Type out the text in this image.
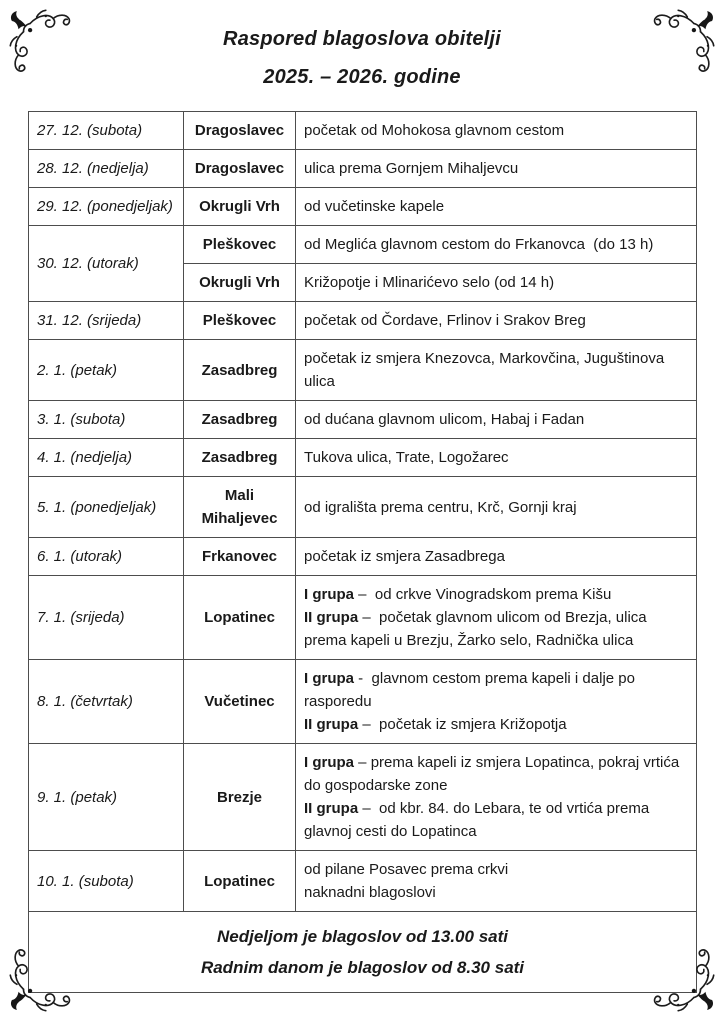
Raspored blagoslova obitelji
2025. – 2026. godine
27. 12. (subota)	Dragoslavec	početak od Mohokosa glavnom cestom

28. 12. (nedjelja)	Dragoslavec	ulica prema Gornjem Mihaljevcu

29. 12. (ponedjeljak)	Okrugli Vrh	od vučetinske kapele

30. 12. (utorak)	Pleškovec	od Meglića glavnom cestom do Frkanovca  (do 13 h)

	Okrugli Vrh	Križopotje i Mlinarićevo selo (od 14 h)

31. 12. (srijeda)	Pleškovec	početak od Čordave, Frlinov i Srakov Breg

2. 1. (petak)	Zasadbreg	početak iz smjera Knezovca, Markovčina, Juguštinova ulica

3. 1. (subota)	Zasadbreg	od dućana glavnom ulicom, Habaj i Fadan

4. 1. (nedjelja)	Zasadbreg	Tukova ulica, Trate, Logožarec

5. 1. (ponedjeljak)	Mali Mihaljevec	od igrališta prema centru, Krč, Gornji kraj

6. 1. (utorak)	Frkanovec	početak iz smjera Zasadbrega

7. 1. (srijeda)	Lopatinec	I grupa –  od crkve Vinogradskom prema Kišu
II grupa –  početak glavnom ulicom od Brezja, ulica prema kapeli u Brezju, Žarko selo, Radnička ulica

8. 1. (četvrtak)	Vučetinec	I grupa -  glavnom cestom prema kapeli i dalje po rasporedu
II grupa –  početak iz smjera Križopotja

9. 1. (petak)	Brezje	I grupa – prema kapeli iz smjera Lopatinca, pokraj vrtića do gospodarske zone
II grupa –  od kbr. 84. do Lebara, te od vrtića prema glavnoj cesti do Lopatinca

10. 1. (subota)	Lopatinec	od pilane Posavec prema crkvi
naknadni blagoslovi

Nedjeljom je blagoslov od 13.00 sati
Radnim danom je blagoslov od 8.30 sati		
